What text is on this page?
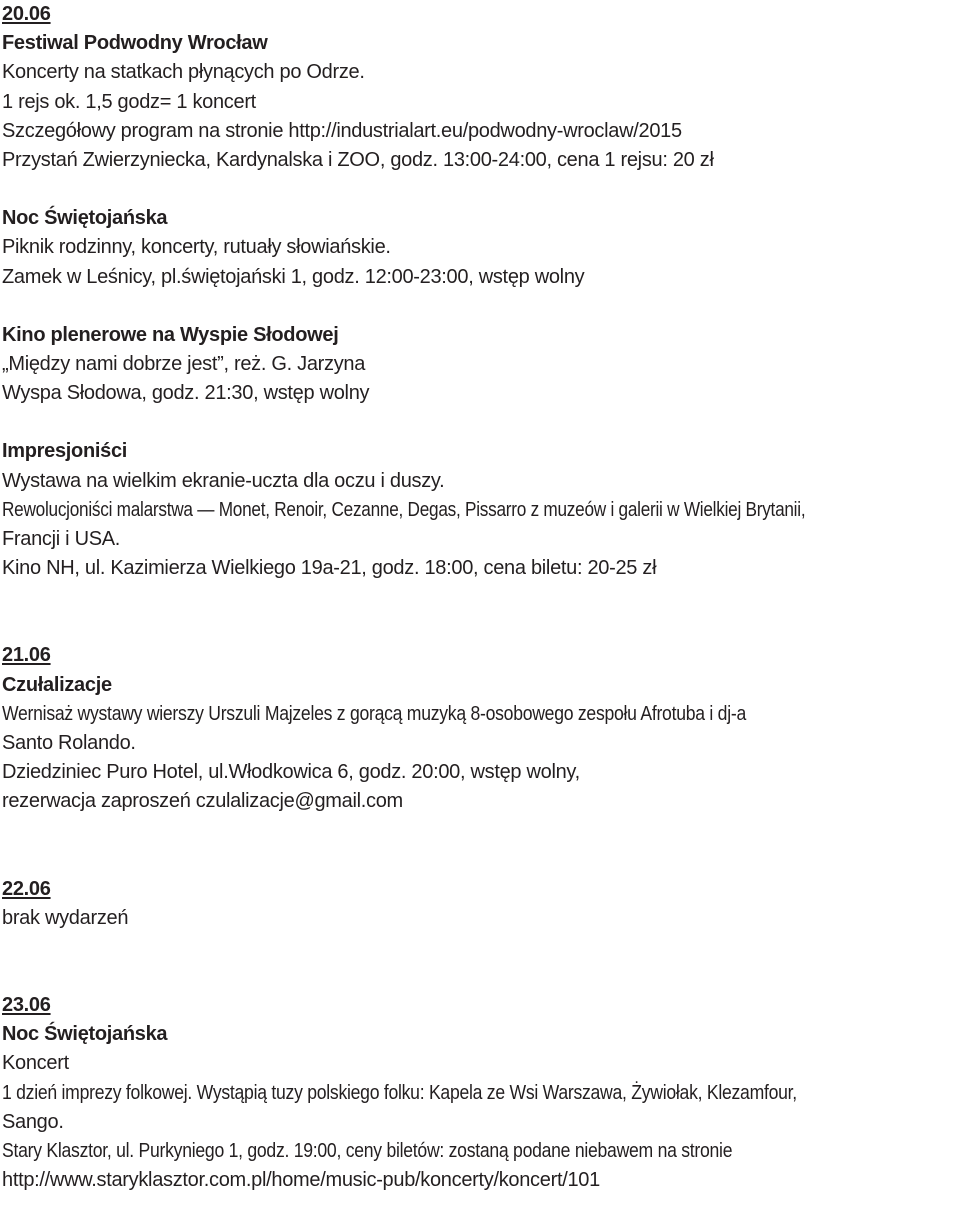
20.06
Festiwal Podwodny Wrocław
Koncerty na statkach płynących po Odrze.
1 rejs ok. 1,5 godz= 1 koncert
Szczegółowy program na stronie http://industrialart.eu/podwodny-wroclaw/2015
Przystań Zwierzyniecka, Kardynalska i ZOO, godz. 13:00-24:00, cena 1 rejsu: 20 zł
Noc Świętojańska
Piknik rodzinny, koncerty, rutuały słowiańskie.
Zamek w Leśnicy, pl.świętojański 1, godz. 12:00-23:00, wstęp wolny
Kino plenerowe na Wyspie Słodowej
„Między nami dobrze jest”, reż. G. Jarzyna
Wyspa Słodowa, godz. 21:30, wstęp wolny
Impresjoniści
Wystawa na wielkim ekranie-uczta dla oczu i duszy.
Rewolucjoniści malarstwa — Monet, Renoir, Cezanne, Degas, Pissarro z muzeów i galerii w Wielkiej Brytanii,
Francji i USA.
Kino NH, ul. Kazimierza Wielkiego 19a-21, godz. 18:00, cena biletu: 20-25 zł
21.06
Czułalizacje
Wernisaż wystawy wierszy Urszuli Majzeles z gorącą muzyką 8-osobowego zespołu Afrotuba i dj-a
Santo Rolando.
Dziedziniec Puro Hotel, ul.Włodkowica 6, godz. 20:00, wstęp wolny,
rezerwacja zaproszeń czulalizacje@gmail.com
22.06
brak wydarzeń
23.06
Noc Świętojańska
Koncert
1 dzień imprezy folkowej. Wystąpią tuzy polskiego folku: Kapela ze Wsi Warszawa, Żywiołak, Klezamfour,
Sango.
Stary Klasztor, ul. Purkyniego 1, godz. 19:00, ceny biletów: zostaną podane niebawem na stronie
http://www.staryklasztor.com.pl/home/music-pub/koncerty/koncert/101
